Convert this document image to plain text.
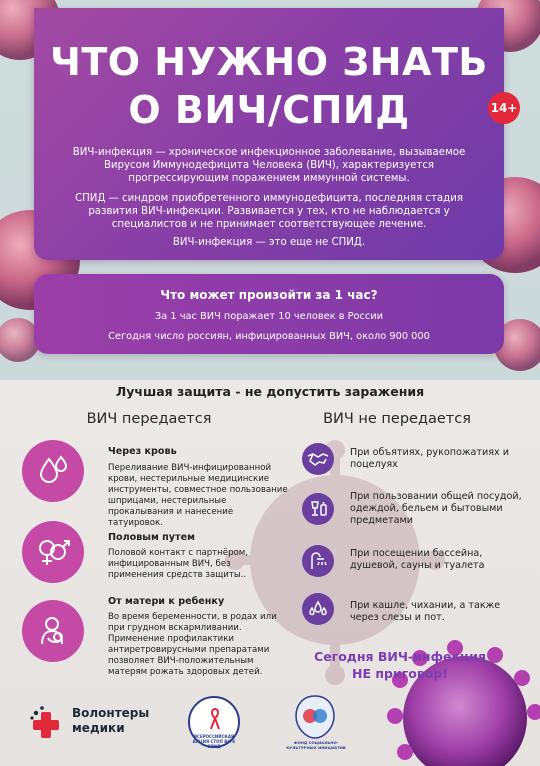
ЧТО НУЖНО ЗНАТЬ
О ВИЧ/СПИД	14+
ВИЧ-инфекция — хроническое инфекционное заболевание, вызываемое Вирусом Иммунодефицита Человека (ВИЧ), характеризуется прогрессирующим поражением иммунной системы.
СПИД — синдром приобретенного иммунодефицита, последняя стадия развития ВИЧ-инфекции. Развивается у тех, кто не наблюдается у специалистов и не принимает соответствующее лечение.
ВИЧ-инфекция — это еще не СПИД.
Что может произойти за 1 час?
За 1 час ВИЧ поражает 10 человек в России
Сегодня число россиян, инфицированных ВИЧ, около 900 000
Лучшая защита - не допустить заражения
ВИЧ передается	ВИЧ не передается
Через кровь
Переливание ВИЧ-инфицированной крови, нестерильные медицинские инструменты, совместное пользование шприцами, нестерильные прокалывания и нанесение татуировок.
Половым путем
Половой контакт с партнёром, инфицированным ВИЧ, без применения средств защиты..
От матери к ребенку
Во время беременности, в родах или при грудном вскармливании. Применение профилактики антиретровирусными препаратами позволяет ВИЧ-положительным матерям рожать здоровых детей.
При объятиях, рукопожатиях и поцелуях
При пользовании общей посудой, одеждой, бельем и бытовыми предметами
При посещении бассейна, душевой, сауны и туалета
При кашле, чихании, а также через слезы и пот.
Сегодня ВИЧ-инфекция
НЕ приговор!
Волонтеры
медики
ВСЕРОССИЙСКАЯ АКЦИЯ СТОП ВИЧ/СПИД
ФОНД СОЦИАЛЬНО-КУЛЬТУРНЫХ ИНИЦИАТИВ
